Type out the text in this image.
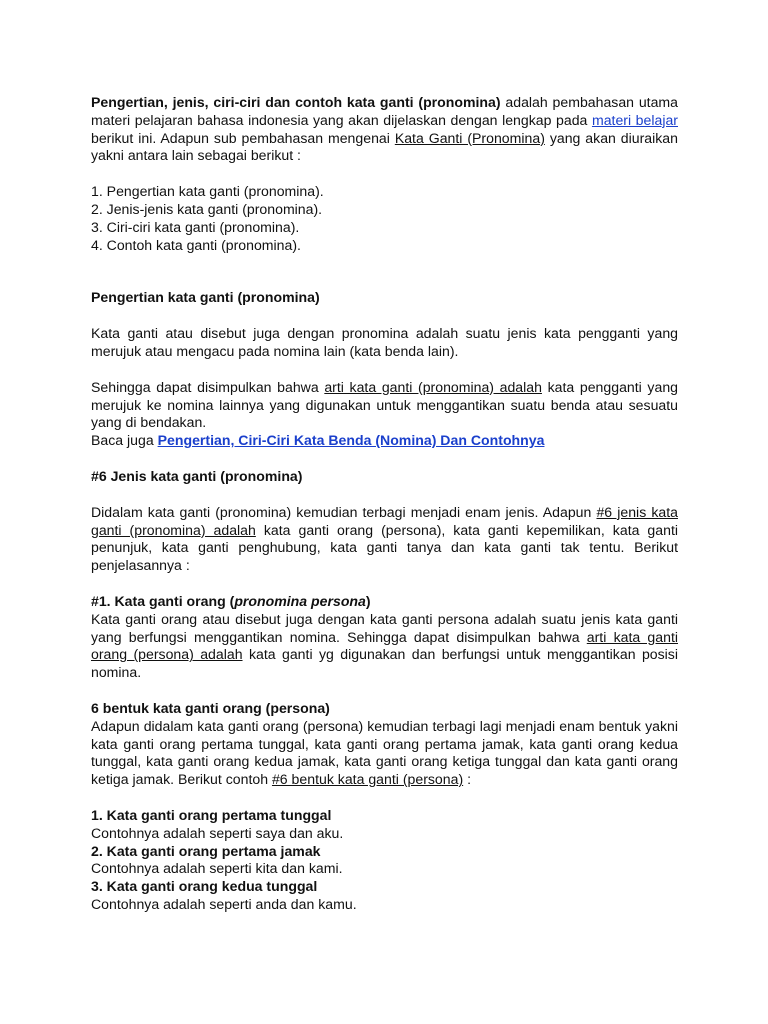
Pengertian, jenis, ciri-ciri dan contoh kata ganti (pronomina) adalah pembahasan utama materi pelajaran bahasa indonesia yang akan dijelaskan dengan lengkap pada materi belajar berikut ini. Adapun sub pembahasan mengenai Kata Ganti (Pronomina) yang akan diuraikan yakni antara lain sebagai berikut :

1. Pengertian kata ganti (pronomina).
2. Jenis-jenis kata ganti (pronomina).
3. Ciri-ciri kata ganti (pronomina).
4. Contoh kata ganti (pronomina).

Pengertian kata ganti (pronomina)

Kata ganti atau disebut juga dengan pronomina adalah suatu jenis kata pengganti yang merujuk atau mengacu pada nomina lain (kata benda lain).

Sehingga dapat disimpulkan bahwa arti kata ganti (pronomina) adalah kata pengganti yang merujuk ke nomina lainnya yang digunakan untuk menggantikan suatu benda atau sesuatu yang di bendakan.

Baca juga Pengertian, Ciri-Ciri Kata Benda (Nomina) Dan Contohnya

#6 Jenis kata ganti (pronomina)

Didalam kata ganti (pronomina) kemudian terbagi menjadi enam jenis. Adapun #6 jenis kata ganti (pronomina) adalah kata ganti orang (persona), kata ganti kepemilikan, kata ganti penunjuk, kata ganti penghubung, kata ganti tanya dan kata ganti tak tentu. Berikut penjelasannya :

#1. Kata ganti orang (pronomina persona)

Kata ganti orang atau disebut juga dengan kata ganti persona adalah suatu jenis kata ganti yang berfungsi menggantikan nomina. Sehingga dapat disimpulkan bahwa arti kata ganti orang (persona) adalah kata ganti yg digunakan dan berfungsi untuk menggantikan posisi nomina.

6 bentuk kata ganti orang (persona)

Adapun didalam kata ganti orang (persona) kemudian terbagi lagi menjadi enam bentuk yakni kata ganti orang pertama tunggal, kata ganti orang pertama jamak, kata ganti orang kedua tunggal, kata ganti orang kedua jamak, kata ganti orang ketiga tunggal dan kata ganti orang ketiga jamak. Berikut contoh #6 bentuk kata ganti (persona) :

1. Kata ganti orang pertama tunggal

Contohnya adalah seperti saya dan aku.

2. Kata ganti orang pertama jamak

Contohnya adalah seperti kita dan kami.

3. Kata ganti orang kedua tunggal

Contohnya adalah seperti anda dan kamu.
